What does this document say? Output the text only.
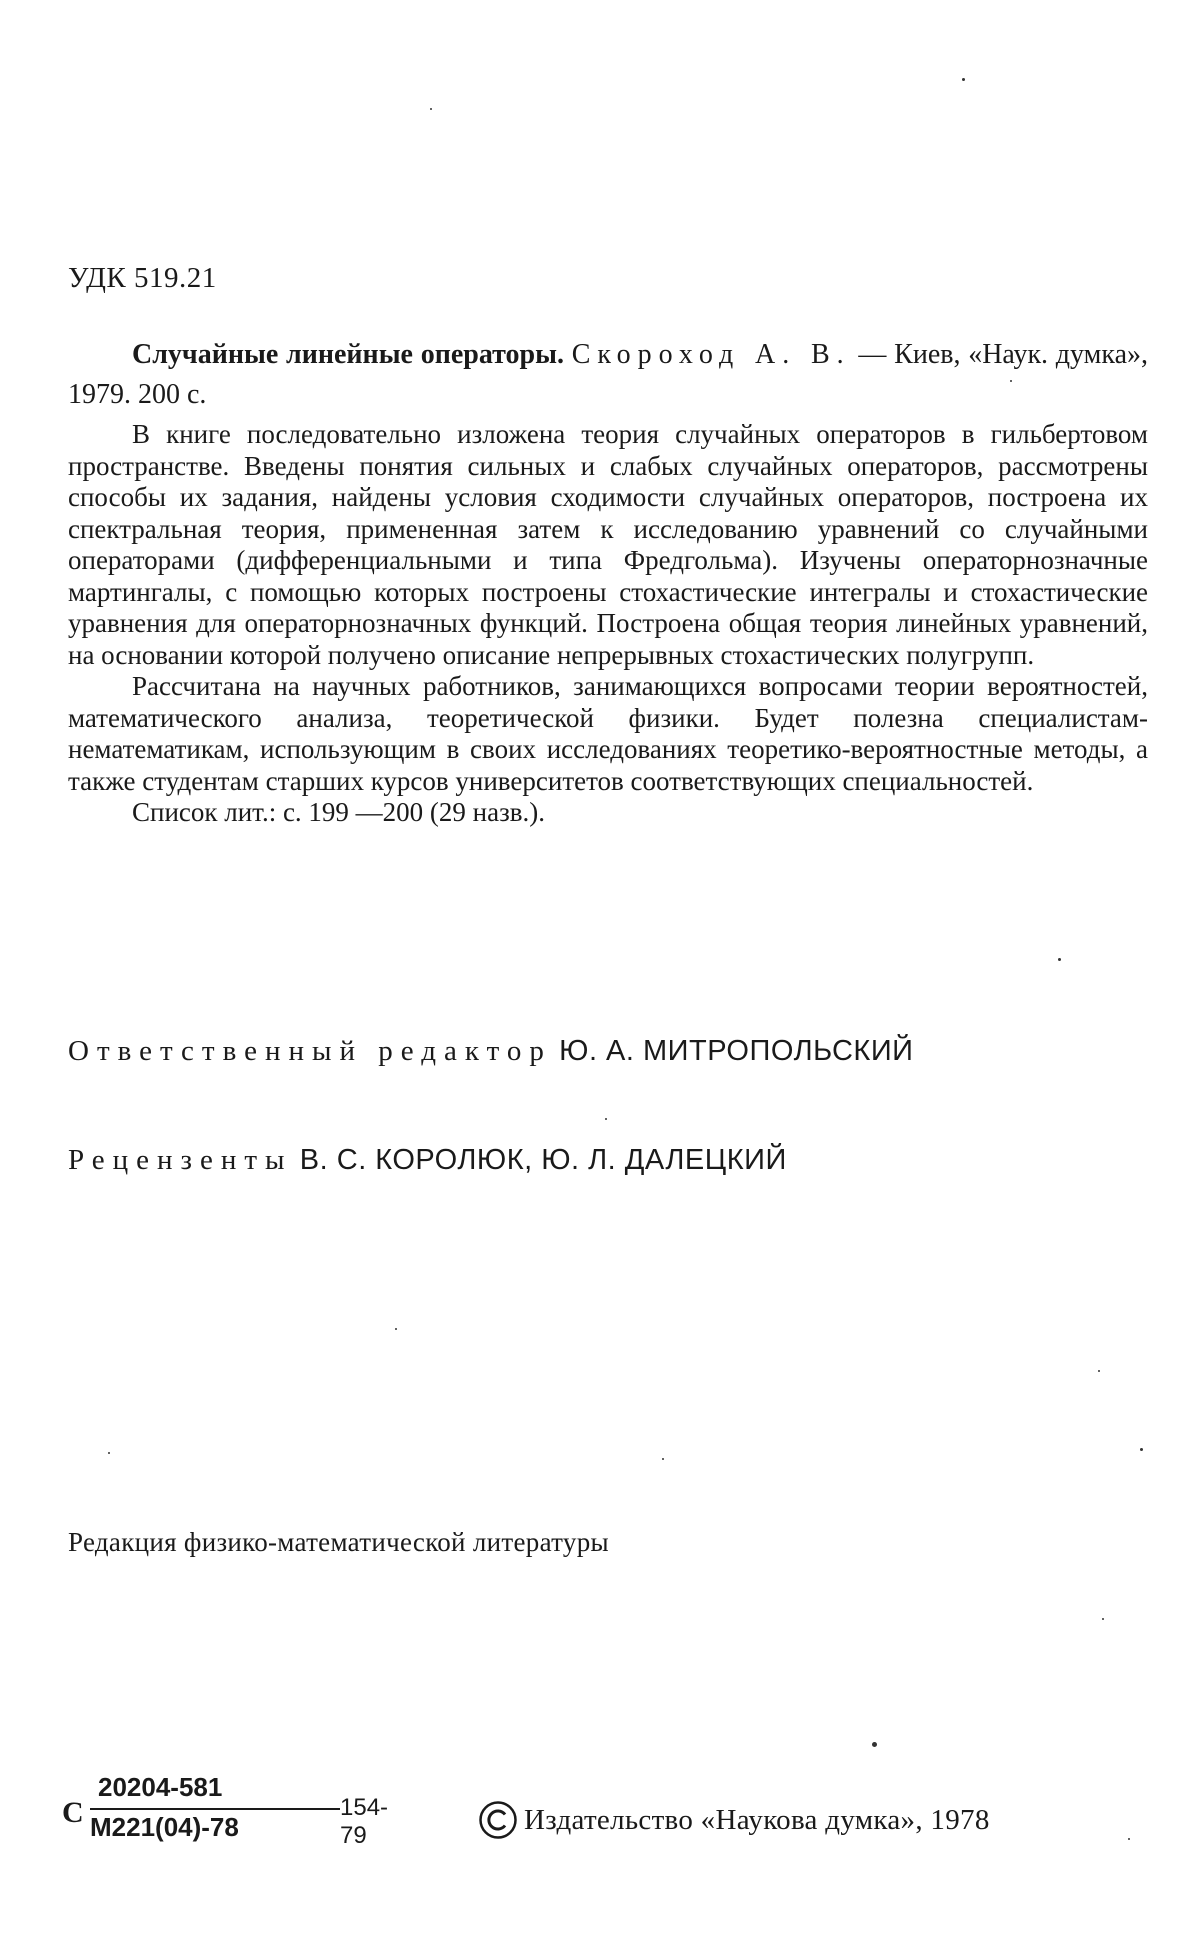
УДК 519.21
Случайные линейные операторы. Скороход А. В. — Киев, «Наук. думка», 1979. 200 с.

В книге последовательно изложена теория случайных операторов в гильбертовом пространстве. Введены понятия сильных и слабых случайных операторов, рассмотрены способы их задания, найдены условия сходимости случайных операторов, построена их спектральная теория, примененная затем к исследованию уравнений со случайными операторами (дифференциальными и типа Фредгольма). Изучены операторнозначные мартингалы, с помощью которых построены стохастические интегралы и стохастические уравнения для операторнозначных функций. Построена общая теория линейных уравнений, на основании которой получено описание непрерывных стохастических полугрупп.

Рассчитана на научных работников, занимающихся вопросами теории вероятностей, математического анализа, теоретической физики. Будет полезна специалистам-нематематикам, использующим в своих исследованиях теоретико-вероятностные методы, а также студентам старших курсов университетов соответствующих специальностей.

Список лит.: с. 199 —200 (29 назв.).

Ответственный редактор Ю. А. МИТРОПОЛЬСКИЙ
Рецензенты В. С. КОРОЛЮК, Ю. Л. ДАЛЕЦКИЙ
Редакция физико-математической литературы
С
20204-581
М221(04)-78
154-79	Издательство «Наукова думка», 1978
